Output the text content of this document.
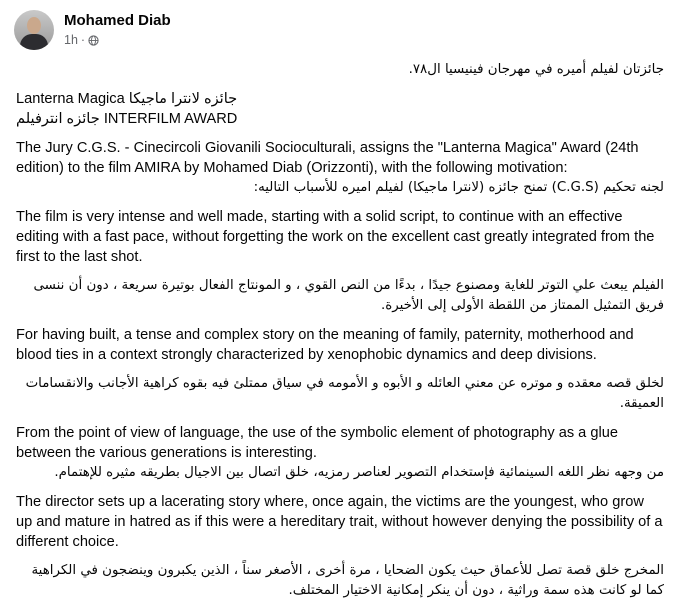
Mohamed Diab
1h ·
جائزتان لفيلم أميره في مهرجان فينيسيا ال٧٨.
Lanterna Magica جائزه لانترا ماجيكا
جائزه انترفيلم INTERFILM AWARD
The Jury C.G.S. - Cinecircoli Giovanili Socioculturali, assigns the "Lanterna Magica" Award (24th edition) to the film AMIRA by Mohamed Diab (Orizzonti), with the following motivation:
لجنه تحكيم (C.G.S) تمنح جائزه (لانترا ماجيكا) لفيلم اميره للأسباب التاليه:
The film is very intense and well made, starting with a solid script, to continue with an effective editing with a fast pace, without forgetting the work on the excellent cast greatly integrated from the first to the last shot.
الفيلم يبعث علي التوتر للغاية ومصنوع جيدًا ، بدءًا من النص القوي ، و المونتاج الفعال بوتيرة سريعة ، دون أن ننسى فريق التمثيل الممتاز من اللقطة الأولى إلى الأخيرة.
For having built, a tense and complex story on the meaning of family, paternity, motherhood and blood ties in a context strongly characterized by xenophobic dynamics and deep divisions.
لخلق قصه معقده و موتره عن معني العائله و الأبوه و الأمومه في سياق ممتلئ فيه بقوه كراهية الأجانب والانقسامات العميقة.
From the point of view of language, the use of the symbolic element of photography as a glue between the various generations is interesting.
من وجهه نظر اللغه السينمائية فإستخدام التصوير لعناصر رمزيه، خلق اتصال بين الاجيال بطريقه مثيره للإهتمام.
The director sets up a lacerating story where, once again, the victims are the youngest, who grow up and mature in hatred as if this were a hereditary trait, without however denying the possibility of a different choice.
المخرج خلق قصة تصل للأعماق حيث يكون الضحايا ، مرة أخرى ، الأصغر سناً ، الذين يكبرون وينضجون في الكراهية كما لو كانت هذه سمة وراثية ، دون أن ينكر إمكانية الاختيار المختلف.
